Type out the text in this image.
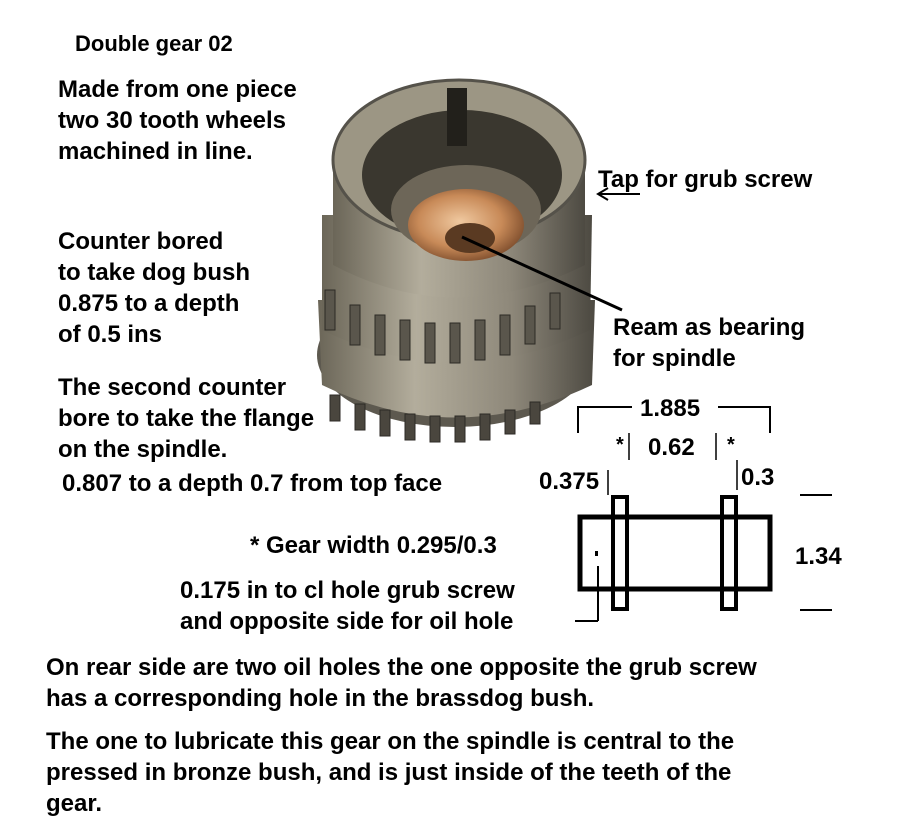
Double gear 02
Made from one piece
two 30 tooth wheels
machined in line.
Tap for grub screw
Counter bored
to take dog bush
0.875 to a depth
of 0.5 ins	Ream as bearing
for spindle
The second counter
bore to take the flange
on the spindle.
0.807 to a depth 0.7 from top face
1.885
* 0.62 *
0.375	0.3
1.34
* Gear width 0.295/0.3
0.175 in to cl hole grub screw
and opposite side for oil hole
On rear side are two oil holes the one opposite the grub screw
has a corresponding hole in the brassdog bush.
The one to lubricate this gear on the spindle is central to the
pressed in bronze bush, and is just inside of the teeth of the
gear.
